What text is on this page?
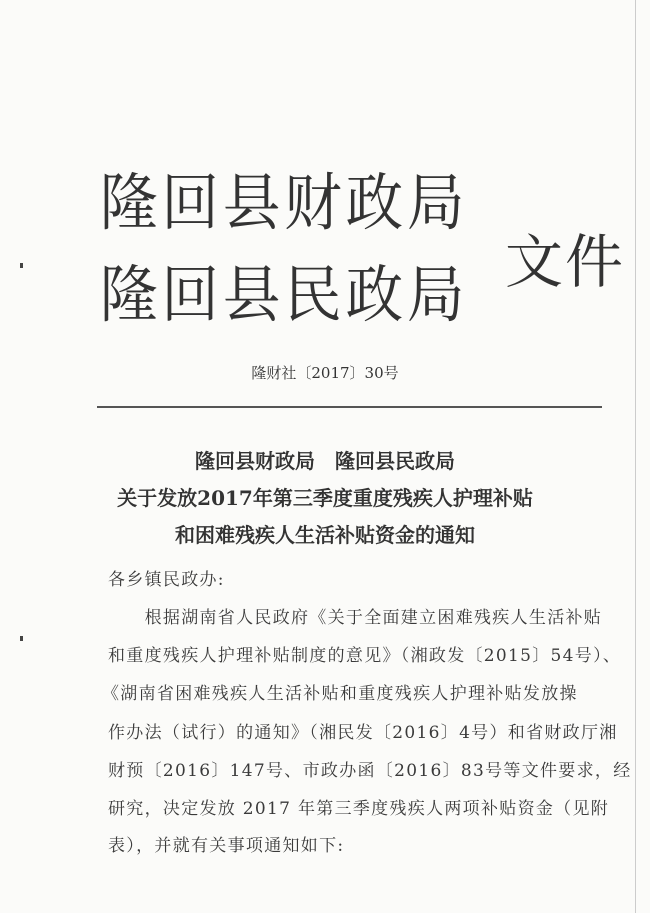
隆回县财政局
隆回县民政局 文件
隆财社〔2017〕30号
隆回县财政局　隆回县民政局
关于发放2017年第三季度重度残疾人护理补贴
和困难残疾人生活补贴资金的通知
各乡镇民政办:
　　根据湖南省人民政府《关于全面建立困难残疾人生活补贴
和重度残疾人护理补贴制度的意见》（湘政发〔2015〕54号）、
《湖南省困难残疾人生活补贴和重度残疾人护理补贴发放操
作办法（试行）的通知》（湘民发〔2016〕4号）和省财政厅湘
财预〔2016〕147号、市政办函〔2016〕83号等文件要求，经
研究，决定发放 2017 年第三季度残疾人两项补贴资金（见附
表），并就有关事项通知如下:
